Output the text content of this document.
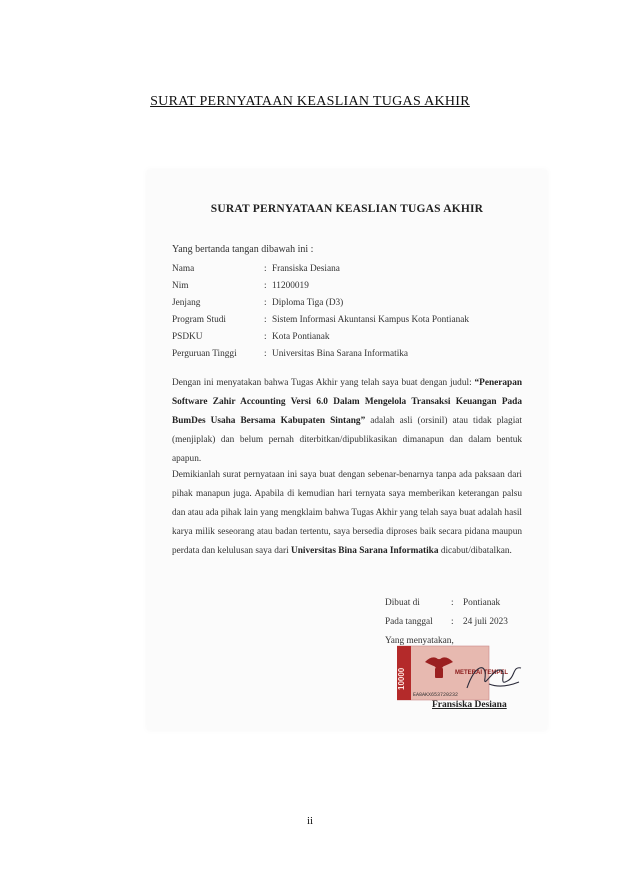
SURAT PERNYATAAN KEASLIAN TUGAS AKHIR
SURAT PERNYATAAN KEASLIAN TUGAS AKHIR
Yang bertanda tangan dibawah ini :
Nama	: Fransiska Desiana
Nim	: 11200019
Jenjang	: Diploma Tiga (D3)
Program Studi	: Sistem Informasi Akuntansi Kampus Kota Pontianak
PSDKU	: Kota Pontianak
Perguruan Tinggi	: Universitas Bina Sarana Informatika
Dengan ini menyatakan bahwa Tugas Akhir yang telah saya buat dengan judul: “Penerapan Software Zahir Accounting Versi 6.0 Dalam Mengelola Transaksi Keuangan Pada BumDes Usaha Bersama Kabupaten Sintang” adalah asli (orsinil) atau tidak plagiat (menjiplak) dan belum pernah diterbitkan/dipublikasikan dimanapun dan dalam bentuk apapun.
Demikianlah surat pernyataan ini saya buat dengan sebenar-benarnya tanpa ada paksaan dari pihak manapun juga. Apabila di kemudian hari ternyata saya memberikan keterangan palsu dan atau ada pihak lain yang mengklaim bahwa Tugas Akhir yang telah saya buat adalah hasil karya milik seseorang atau badan tertentu, saya bersedia diproses baik secara pidana maupun perdata dan kelulusan saya dari Universitas Bina Sarana Informatika dicabut/dibatalkan.
Dibuat di	:	Pontianak
Pada tanggal	:	24 juli 2023
Yang menyatakan,
10000	METERAI TEMPEL
EA8AKX653720232
Fransiska Desiana
ii
